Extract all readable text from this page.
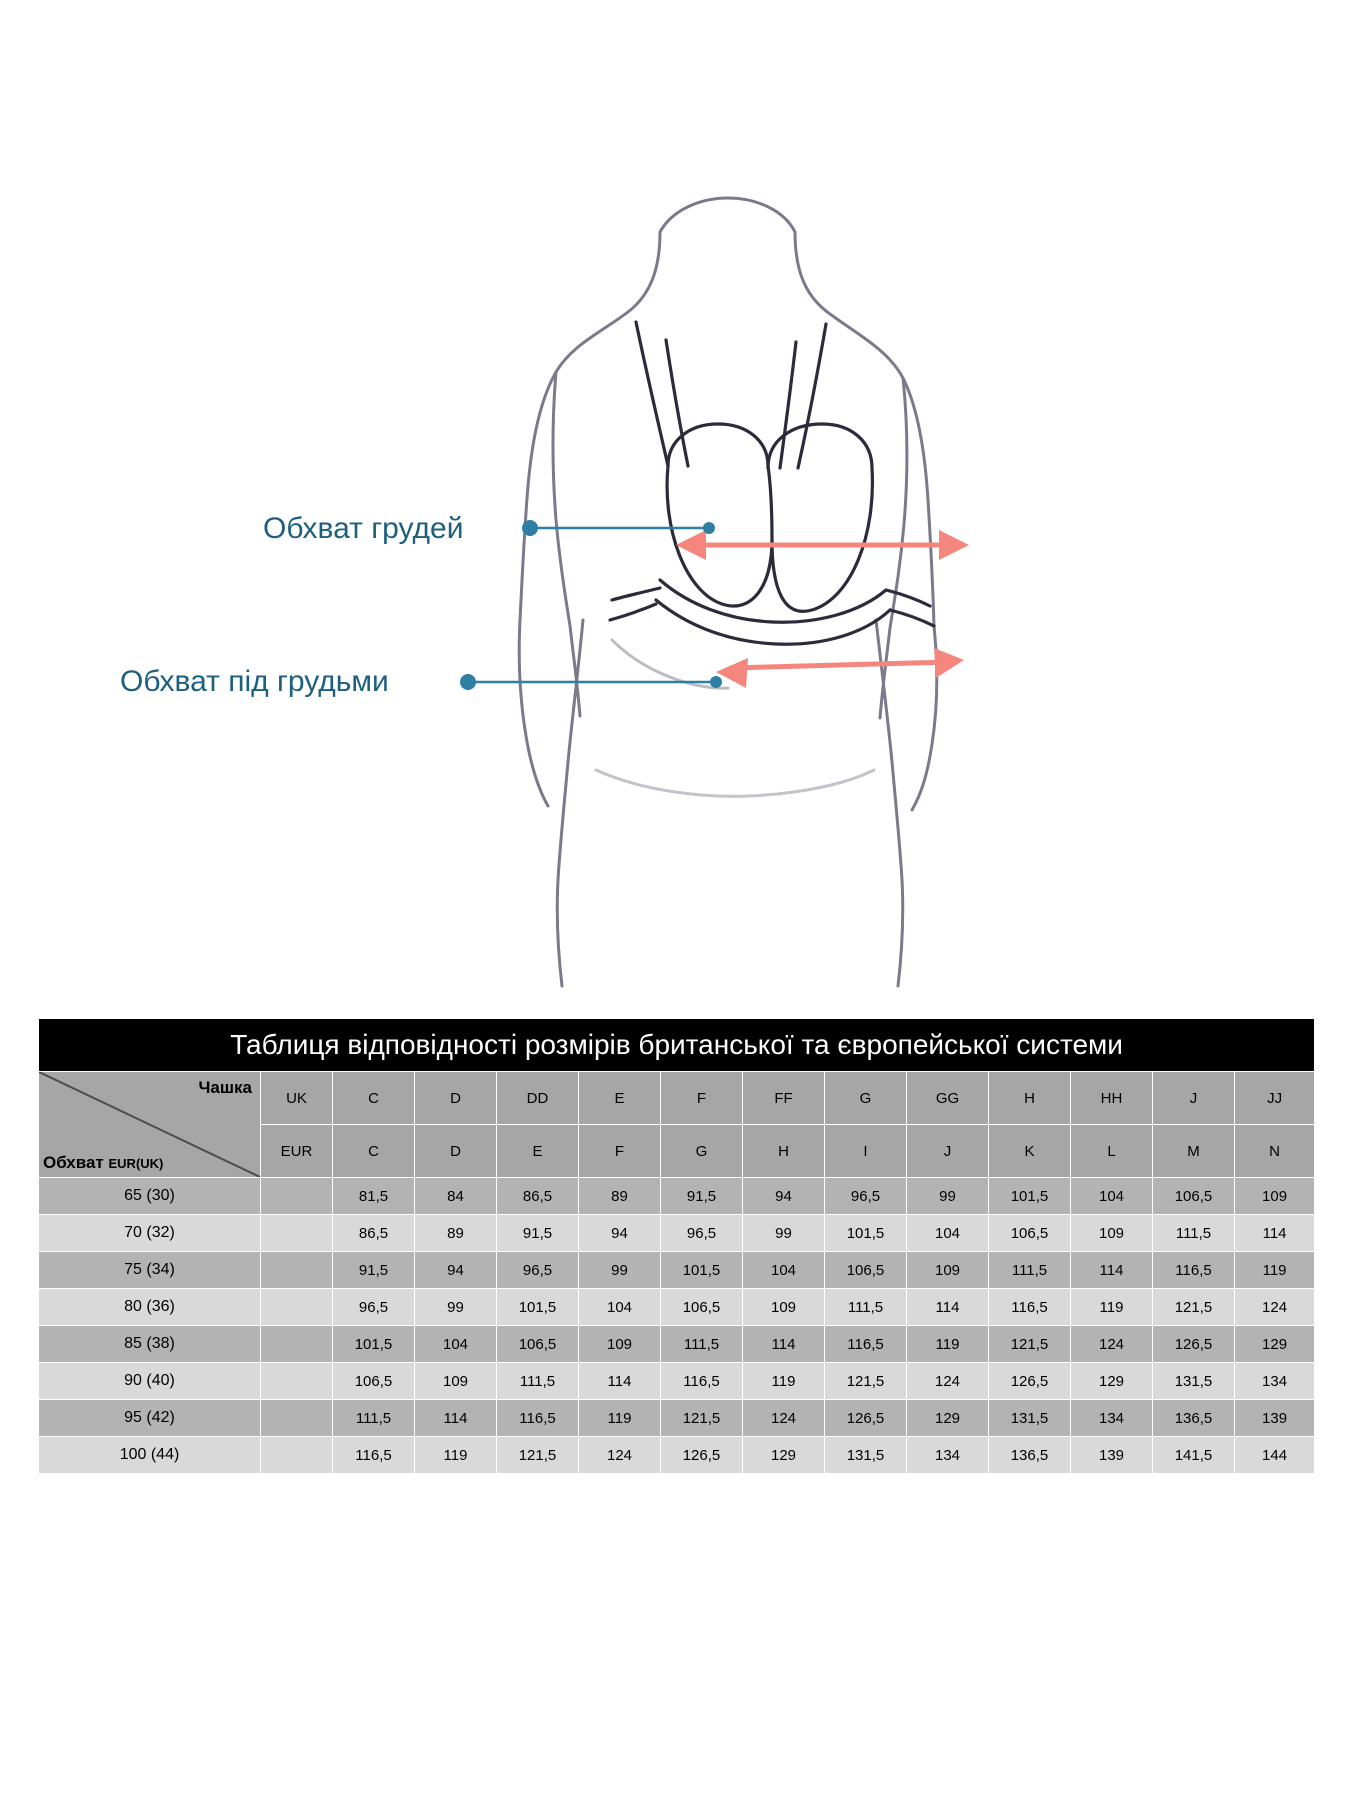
Обхват грудей
Обхват під грудьми
Таблиця відповідності розмірів британської та європейської системи													

Чашка
Обхват EUR(UK)	UK	C	D	DD	E	F	FF	G	GG	H	HH	J	JJ
	EUR	C	D	E	F	G	H	I	J	K	L	M	N
65 (30)		81,5	84	86,5	89	91,5	94	96,5	99	101,5	104	106,5	109
70 (32)		86,5	89	91,5	94	96,5	99	101,5	104	106,5	109	111,5	114
75 (34)		91,5	94	96,5	99	101,5	104	106,5	109	111,5	114	116,5	119
80 (36)		96,5	99	101,5	104	106,5	109	111,5	114	116,5	119	121,5	124
85 (38)		101,5	104	106,5	109	111,5	114	116,5	119	121,5	124	126,5	129
90 (40)		106,5	109	111,5	114	116,5	119	121,5	124	126,5	129	131,5	134
95 (42)		111,5	114	116,5	119	121,5	124	126,5	129	131,5	134	136,5	139
100 (44)		116,5	119	121,5	124	126,5	129	131,5	134	136,5	139	141,5	144
